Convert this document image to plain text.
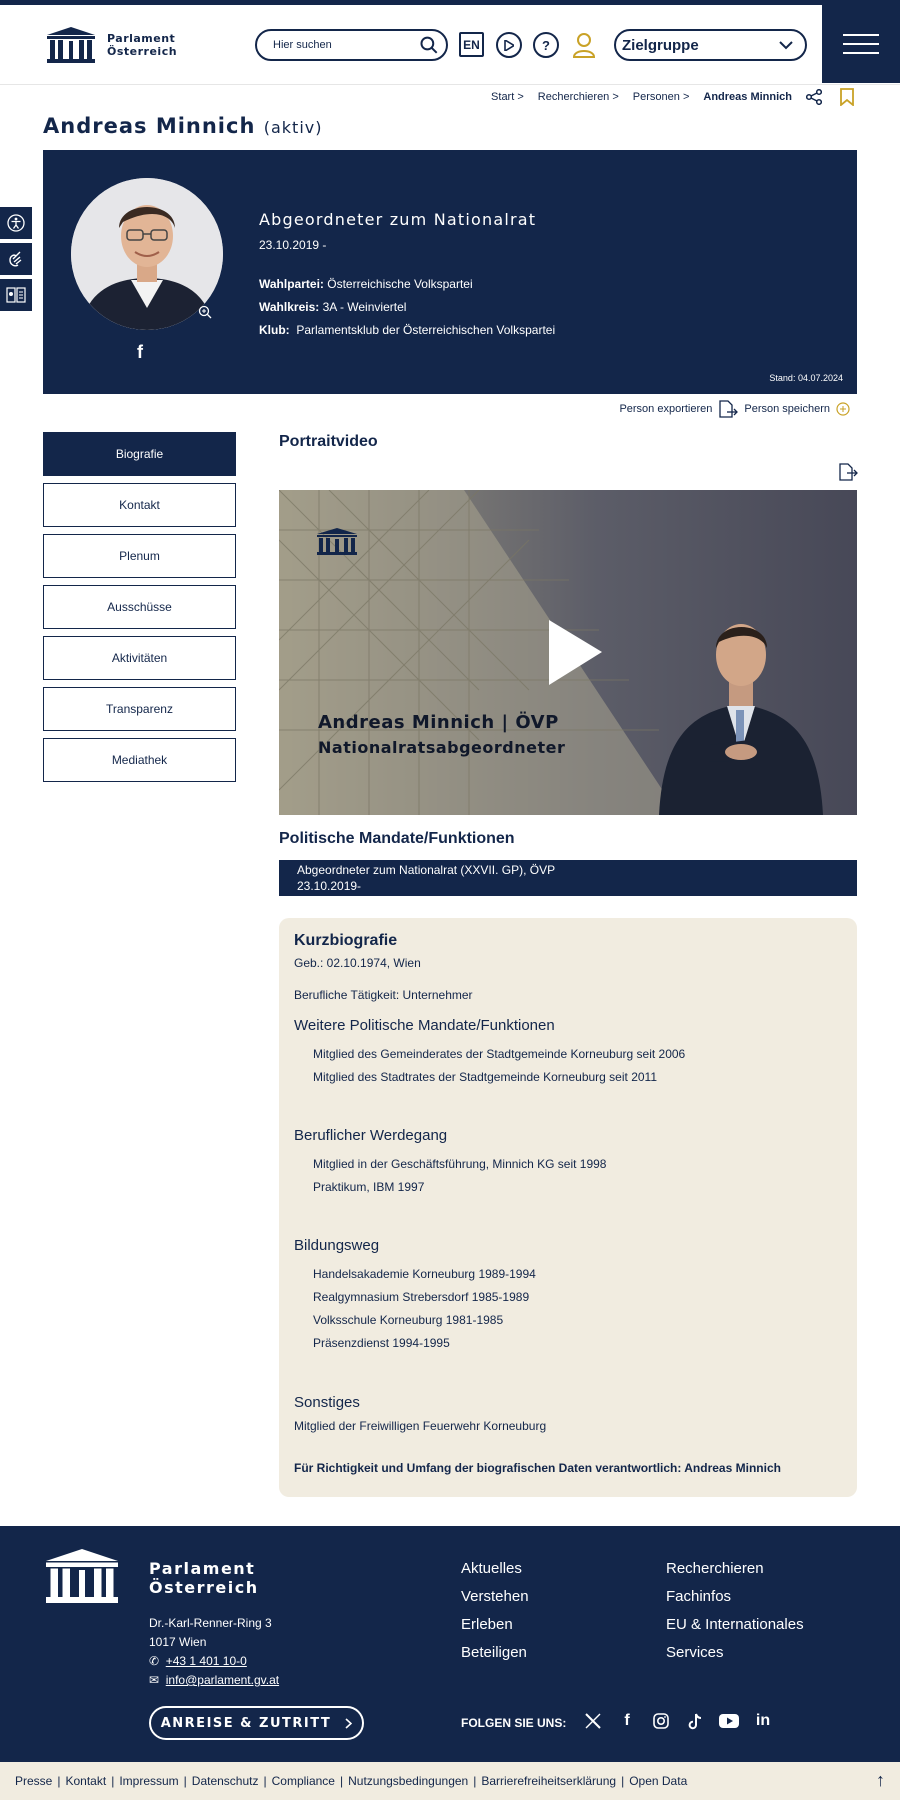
Parlament
Österreich
Hier suchen	EN	?	Zielgruppe
Start > Recherchieren > Personen > Andreas Minnich
Andreas Minnich (aktiv)
f
Abgeordneter zum Nationalrat
23.10.2019 -
Wahlpartei: Österreichische Volkspartei
Wahlkreis: 3A - Weinviertel
Klub: Parlamentsklub der Österreichischen Volkspartei
Stand: 04.07.2024
Person exportieren	Person speichern
Biografie
Kontakt
Plenum
Ausschüsse
Aktivitäten
Transparenz
Mediathek
Portraitvideo
Andreas Minnich | ÖVP
Nationalratsabgeordneter
Politische Mandate/Funktionen
Abgeordneter zum Nationalrat (XXVII. GP), ÖVP
23.10.2019-
Kurzbiografie

Geb.: 02.10.1974, Wien

Berufliche Tätigkeit: Unternehmer

Weitere Politische Mandate/Funktionen
Mitglied des Gemeinderates der Stadtgemeinde Korneuburg seit 2006
Mitglied des Stadtrates der Stadtgemeinde Korneuburg seit 2011
Beruflicher Werdegang
Mitglied in der Geschäftsführung, Minnich KG seit 1998
Praktikum, IBM 1997
Bildungsweg
Handelsakademie Korneuburg 1989-1994
Realgymnasium Strebersdorf 1985-1989
Volksschule Korneuburg 1981-1985
Präsenzdienst 1994-1995
Sonstiges

Mitglied der Freiwilligen Feuerwehr Korneuburg

Für Richtigkeit und Umfang der biografischen Daten verantwortlich: Andreas Minnich

Parlament
Österreich
Dr.-Karl-Renner-Ring 3
1017 Wien
✆ +43 1 401 10-0
✉ info@parlament.gv.at
ANREISE & ZUTRITT
Aktuelles
Verstehen
Erleben
Beteiligen
Recherchieren
Fachinfos
EU & Internationales
Services
FOLGEN SIE UNS:	f	in
Presse | Kontakt | Impressum | Datenschutz | Compliance | Nutzungsbedingungen | Barrierefreiheitserklärung | Open Data	↑
